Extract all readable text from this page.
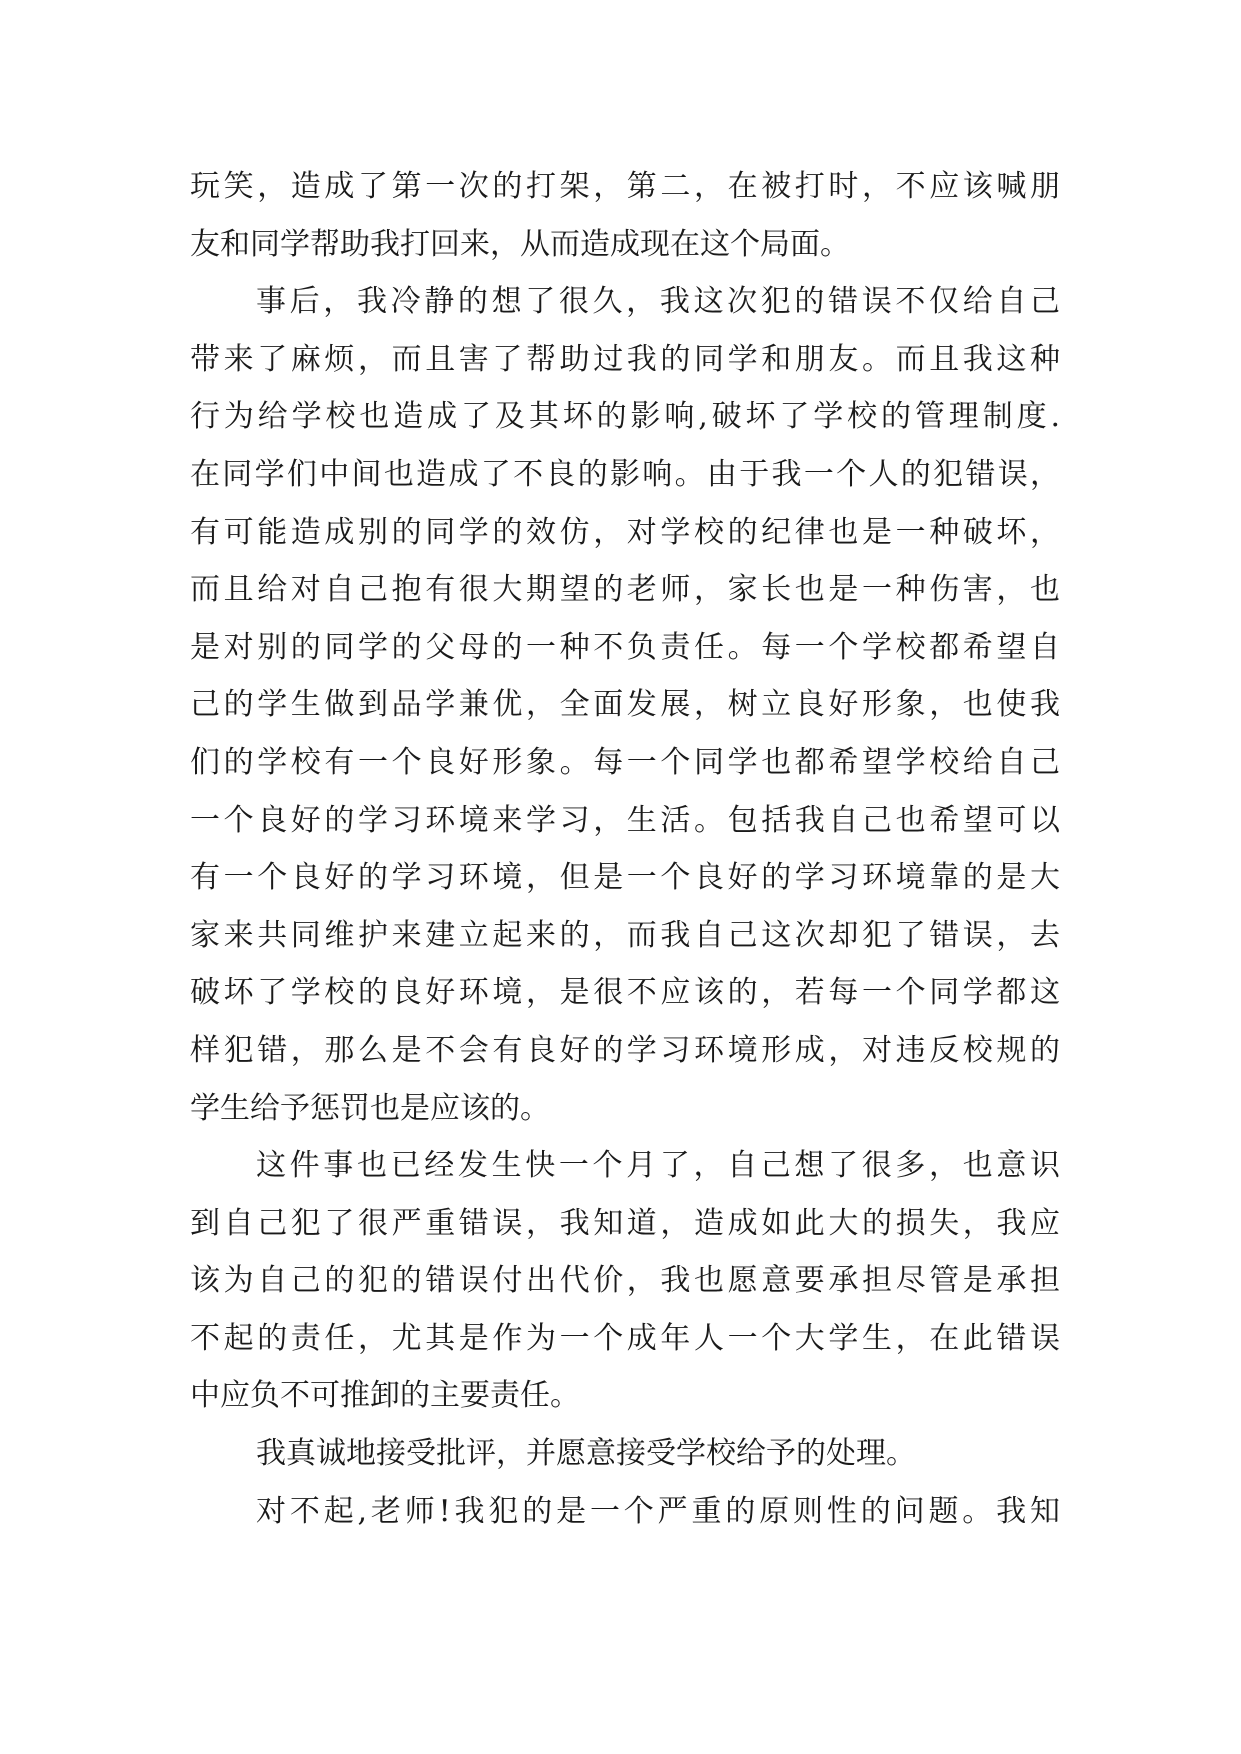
玩笑，造成了第一次的打架，第二，在被打时，不应该喊朋
友和同学帮助我打回来，从而造成现在这个局面。
事后，我冷静的想了很久，我这次犯的错误不仅给自己
带来了麻烦，而且害了帮助过我的同学和朋友。而且我这种
行为给学校也造成了及其坏的影响,破坏了学校的管理制度.
在同学们中间也造成了不良的影响。由于我一个人的犯错误，
有可能造成别的同学的效仿，对学校的纪律也是一种破坏，
而且给对自己抱有很大期望的老师，家长也是一种伤害，也
是对别的同学的父母的一种不负责任。每一个学校都希望自
己的学生做到品学兼优，全面发展，树立良好形象，也使我
们的学校有一个良好形象。每一个同学也都希望学校给自己
一个良好的学习环境来学习，生活。包括我自己也希望可以
有一个良好的学习环境，但是一个良好的学习环境靠的是大
家来共同维护来建立起来的，而我自己这次却犯了错误，去
破坏了学校的良好环境，是很不应该的，若每一个同学都这
样犯错，那么是不会有良好的学习环境形成，对违反校规的
学生给予惩罚也是应该的。
这件事也已经发生快一个月了，自己想了很多，也意识
到自己犯了很严重错误，我知道，造成如此大的损失，我应
该为自己的犯的错误付出代价，我也愿意要承担尽管是承担
不起的责任，尤其是作为一个成年人一个大学生，在此错误
中应负不可推卸的主要责任。
我真诚地接受批评，并愿意接受学校给予的处理。
对不起,老师!我犯的是一个严重的原则性的问题。我知
